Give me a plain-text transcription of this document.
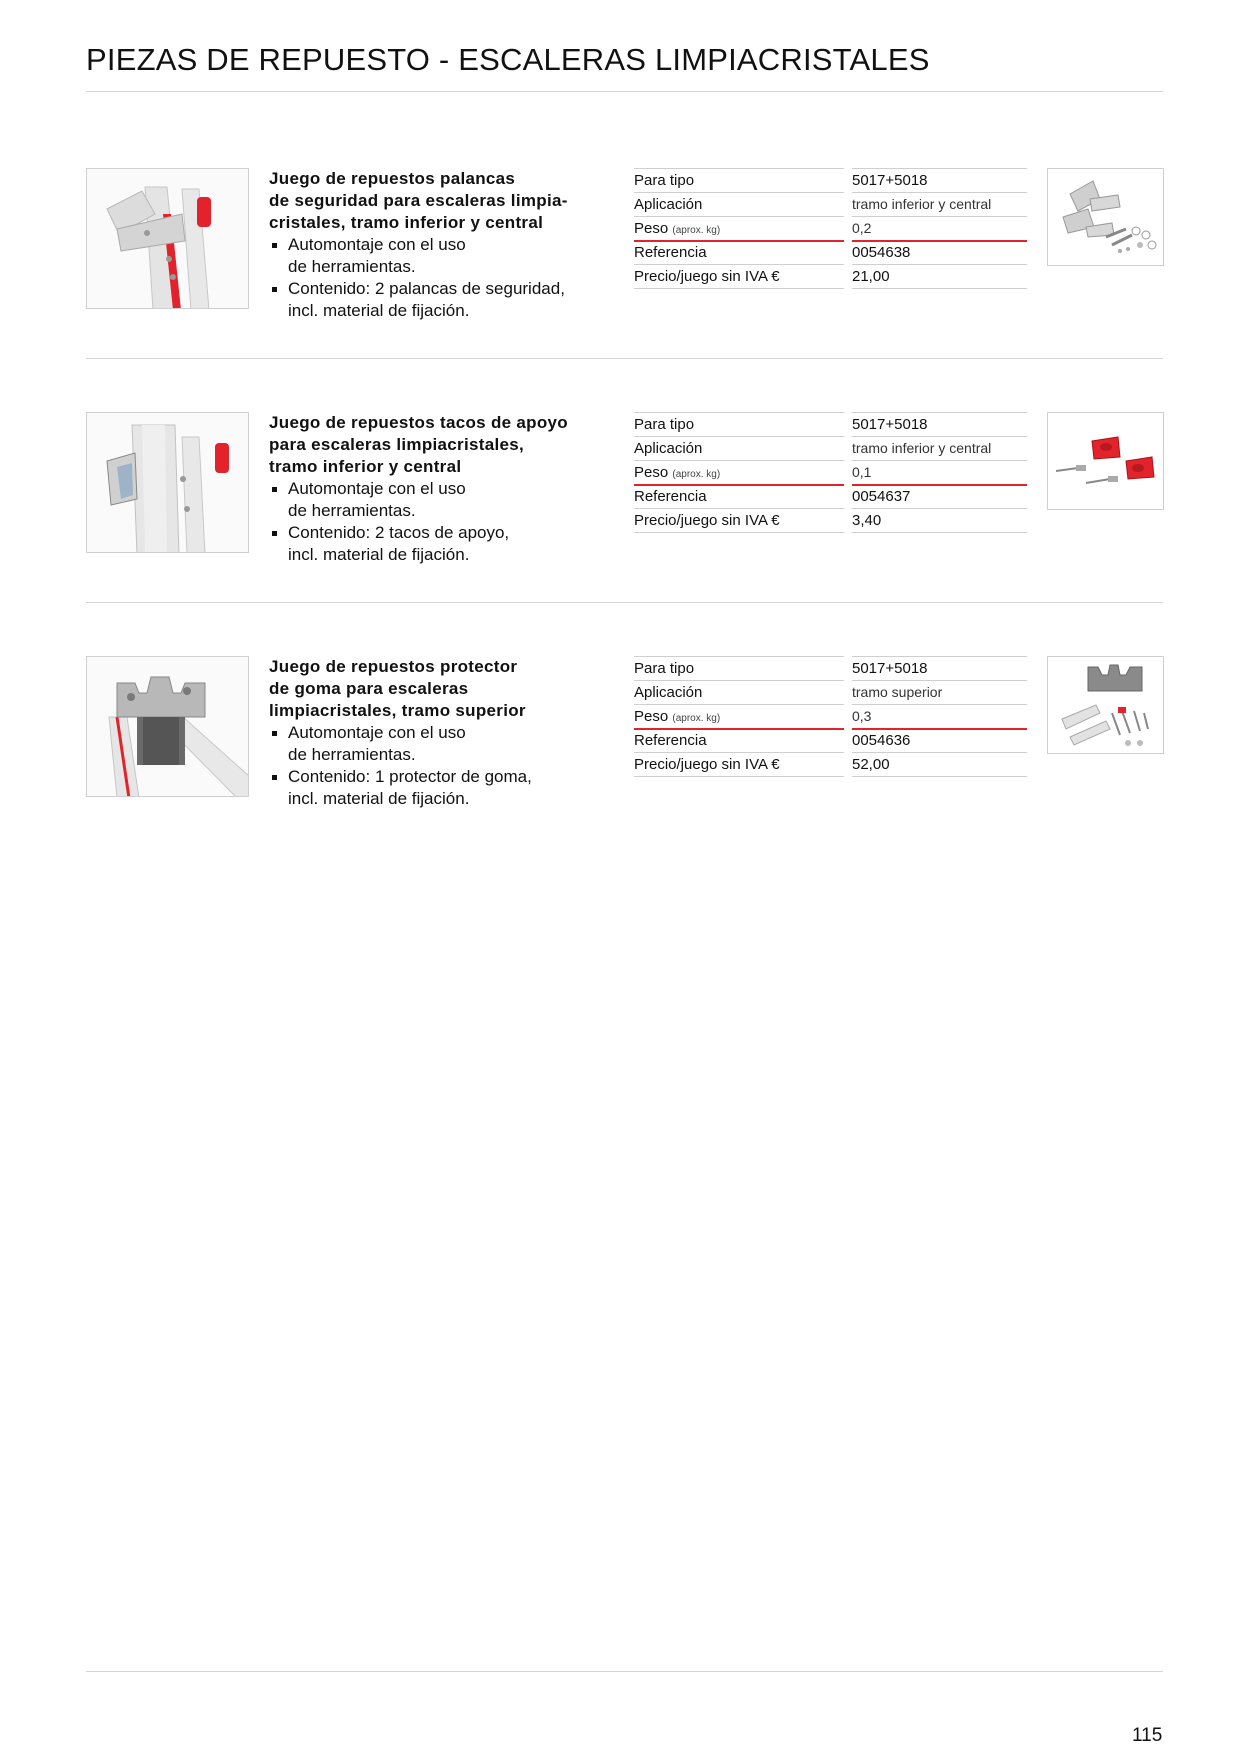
PIEZAS DE REPUESTO - ESCALERAS LIMPIACRISTALES
Juego de repuestos palancas
de seguridad para escaleras limpia-
cristales, tramo inferior y central
Automontaje con el uso
de herramientas.
Contenido: 2 palancas de seguridad,
incl. material de fijación.
Para tipo	5017+5018
Aplicación	tramo inferior y central
Peso (aprox. kg)	0,2
Referencia	0054638
Precio/juego sin IVA €	21,00
Juego de repuestos tacos de apoyo
para escaleras limpiacristales,
tramo inferior y central
Automontaje con el uso
de herramientas.
Contenido: 2 tacos de apoyo,
incl. material de fijación.
Para tipo	5017+5018
Aplicación	tramo inferior y central
Peso (aprox. kg)	0,1
Referencia	0054637
Precio/juego sin IVA €	3,40
Juego de repuestos protector
de goma para escaleras
limpiacristales, tramo superior
Automontaje con el uso
de herramientas.
Contenido: 1 protector de goma,
incl. material de fijación.
Para tipo	5017+5018
Aplicación	tramo superior
Peso (aprox. kg)	0,3
Referencia	0054636
Precio/juego sin IVA €	52,00
115
